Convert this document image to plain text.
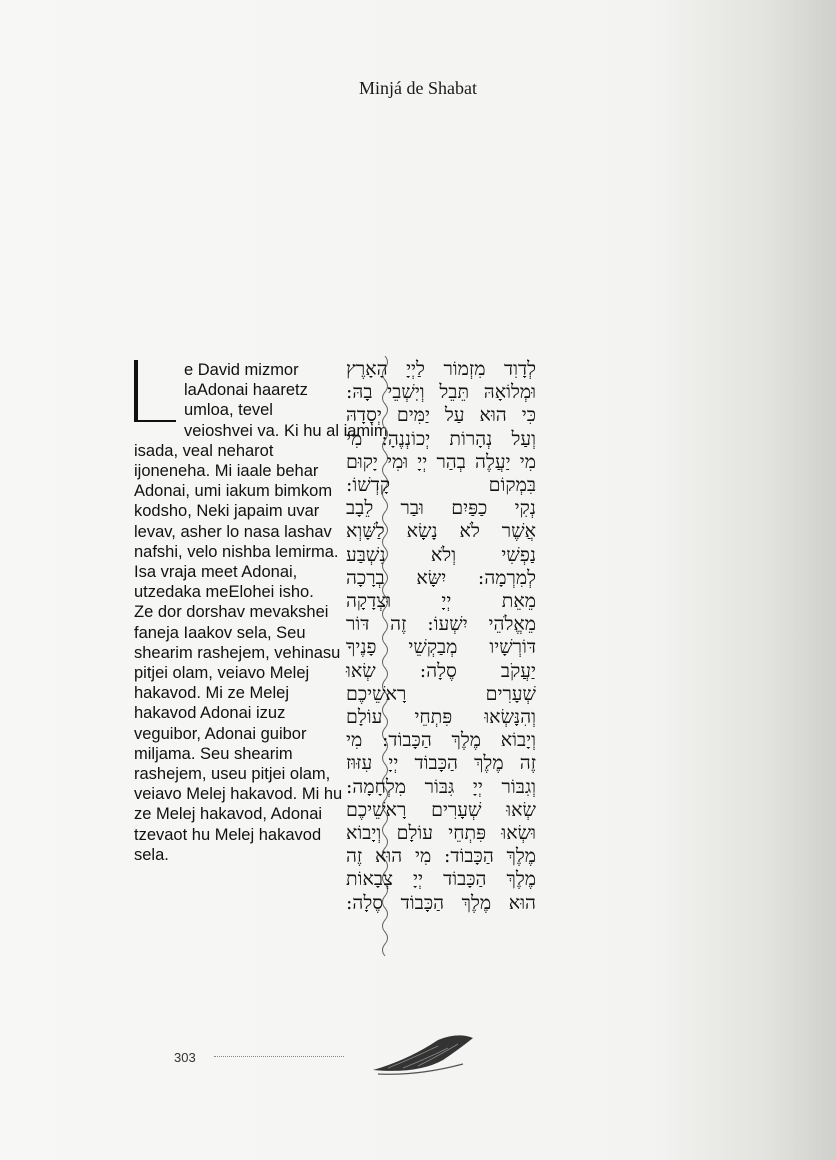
Minjá de Shabat
e David mizmor
laAdonai haaretz
umloa, tevel
veioshvei va. Ki hu al iamim
isada, veal neharot
ijoneneha. Mi iaale behar
Adonai, umi iakum bimkom
kodsho, Neki japaim uvar
levav, asher lo nasa lashav
nafshi, velo nishba lemirma.
Isa vraja meet Adonai,
utzedaka meElohei isho.
Ze dor dorshav mevakshei
faneja Iaakov sela, Seu
shearim rashejem, vehinasu
pitjei olam, veiavo Melej
hakavod. Mi ze Melej
hakavod Adonai izuz
veguibor, Adonai guibor
miljama. Seu shearim
rashejem, useu pitjei olam,
veiavo Melej hakavod. Mi hu
ze Melej hakavod, Adonai
tzevaot hu Melej hakavod
sela.
לְדָוִד מִזְמוֹר לַיְיָ הָאָרֶץ
וּמְלוֹאָהּ תֵּבֵל וְיֽשְׁבֵי בָהּ:
כִּי הוּא עַל יַמִּים יְסָדָהּ
וְעַל נְהָרוֹת יְכוֹנְנֶהָ: מִי
מִי יַעֲלֶה בְהַר יְיָ וּמִי יָקוּם
בִּמְקוֹם קָדְשׁוֹ:
נְקִי כַפַּיִם וּבַר לֵבָב
אֲשֶׁר לֹא נָשָׂא לַשָּׁוְא
נַפְשִׁי וְלֹא נִשְׁבַּע
לְמִרְמָה: יִשָּׂא בְרָכָה
מֵאֵת יְיָ וּצְדָקָה
מֵאֱלֹהֵי יִשְׁעוֹ: זֶה דּוֹר
דּוֹרְשָׁיו מְבַקְשֵׁי פָנֶיךָ
יַעֲקֹב סֶלָה: שְׂאוּ
שְׁעָרִים רָאשֵׁיכֶם
וְהִנָּשְׂאוּ פִּתְחֵי עוֹלָם
וְיָבוֹא מֶלֶךְ הַכָּבוֹד: מִי
זֶה מֶלֶךְ הַכָּבוֹד יְיָ עִזּוּז
וְגִבּוֹר יְיָ גִּבּוֹר מִלְחָמָה:
שְׂאוּ שְׁעָרִים רָאשֵׁיכֶם
וּשְׂאוּ פִּתְחֵי עוֹלָם וְיָבוֹא
מֶלֶךְ הַכָּבוֹד: מִי הוּא זֶה
מֶלֶךְ הַכָּבוֹד יְיָ צְבָאוֹת
הוּא מֶלֶךְ הַכָּבוֹד סֶלָה:
303
